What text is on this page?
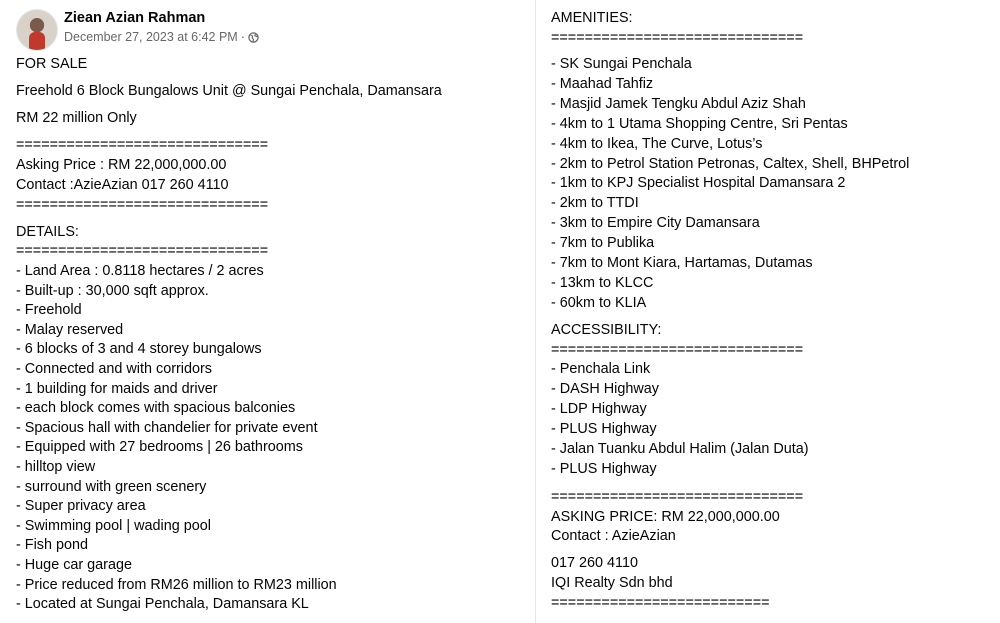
Ziean Azian Rahman
December 27, 2023 at 6:42 PM ·
FOR SALE
Freehold 6 Block Bungalows Unit @ Sungai Penchala, Damansara
RM 22 million Only
==============================
Asking Price : RM 22,000,000.00
Contact :AzieAzian 017 260 4110
==============================
DETAILS:
==============================
- Land Area : 0.8118 hectares / 2 acres
- Built-up : 30,000 sqft approx.
- Freehold
- Malay reserved
- 6 blocks of 3 and 4 storey bungalows
- Connected and with corridors
- 1 building for maids and driver
- each block comes with spacious balconies
- Spacious hall with chandelier for private event
- Equipped with 27 bedrooms | 26 bathrooms
- hilltop view
- surround with green scenery
- Super privacy area
- Swimming pool | wading pool
- Fish pond
- Huge car garage
- Price reduced from RM26 million to RM23 million
- Located at Sungai Penchala, Damansara KL
AMENITIES:
==============================
- SK Sungai Penchala
- Maahad Tahfiz
- Masjid Jamek Tengku Abdul Aziz Shah
- 4km to 1 Utama Shopping Centre, Sri Pentas
- 4km to Ikea, The Curve, Lotus’s
- 2km to Petrol Station Petronas, Caltex, Shell, BHPetrol
- 1km to KPJ Specialist Hospital Damansara 2
- 2km to TTDI
- 3km to Empire City Damansara
- 7km to Publika
- 7km to Mont Kiara, Hartamas, Dutamas
- 13km to KLCC
- 60km to KLIA
ACCESSIBILITY:
==============================
- Penchala Link
- DASH Highway
- LDP Highway
- PLUS Highway
- Jalan Tuanku Abdul Halim (Jalan Duta)
- PLUS Highway
==============================
ASKING PRICE: RM 22,000,000.00
Contact : AzieAzian
017 260 4110
IQI Realty Sdn bhd
==========================
